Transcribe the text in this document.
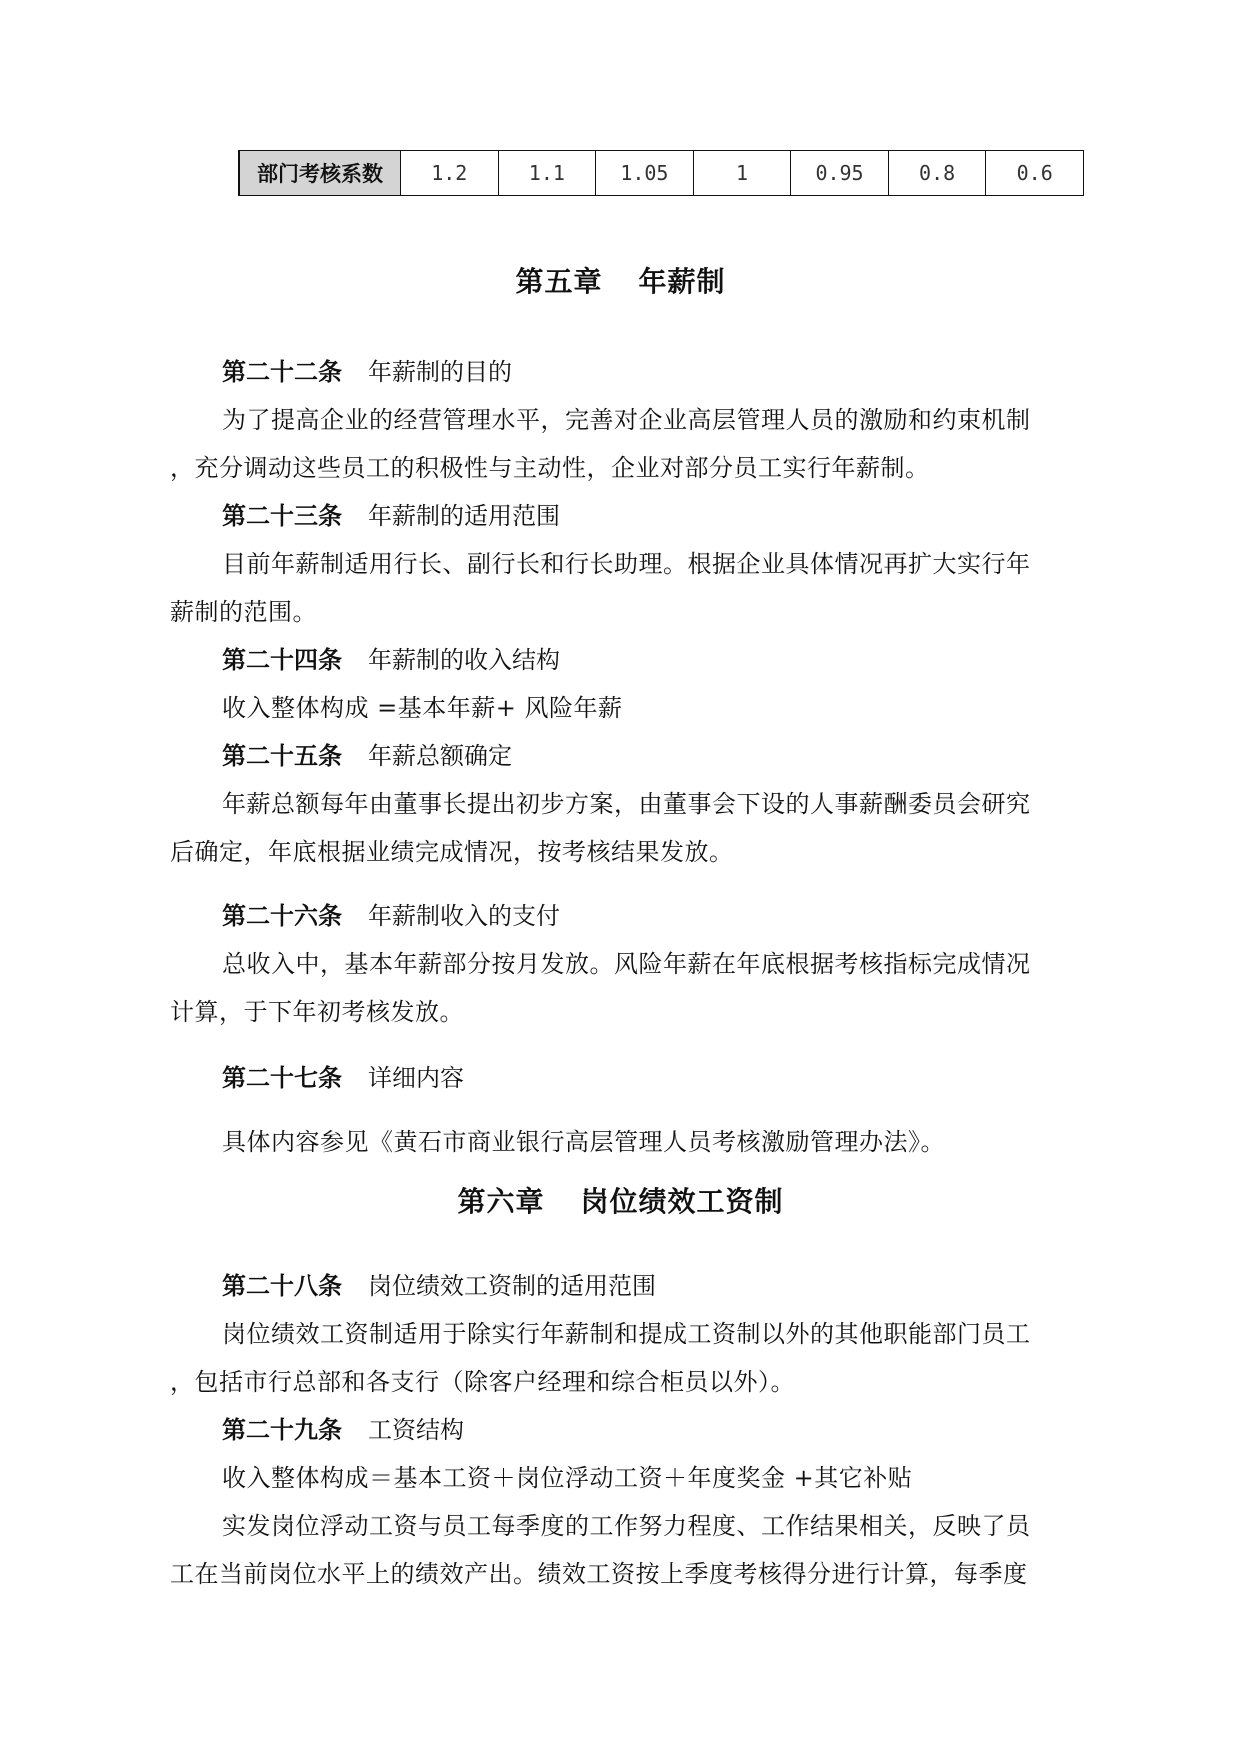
部门考核系数	1.2	1.1	1.05	1	0.95	0.8	0.6
第五章 年薪制
第二十二条 年薪制的目的
为了提高企业的经营管理水平，完善对企业高层管理人员的激励和约束机制
，充分调动这些员工的积极性与主动性，企业对部分员工实行年薪制。
第二十三条 年薪制的适用范围
目前年薪制适用行长、副行长和行长助理。根据企业具体情况再扩大实行年
薪制的范围。
第二十四条 年薪制的收入结构
收入整体构成 =基本年薪+ 风险年薪
第二十五条 年薪总额确定
年薪总额每年由董事长提出初步方案，由董事会下设的人事薪酬委员会研究
后确定，年底根据业绩完成情况，按考核结果发放。
第二十六条 年薪制收入的支付
总收入中，基本年薪部分按月发放。风险年薪在年底根据考核指标完成情况
计算，于下年初考核发放。
第二十七条 详细内容
具体内容参见《黄石市商业银行高层管理人员考核激励管理办法》。
第六章 岗位绩效工资制
第二十八条 岗位绩效工资制的适用范围
岗位绩效工资制适用于除实行年薪制和提成工资制以外的其他职能部门员工
，包括市行总部和各支行（除客户经理和综合柜员以外）。
第二十九条 工资结构
收入整体构成＝基本工资＋岗位浮动工资＋年度奖金 +其它补贴
实发岗位浮动工资与员工每季度的工作努力程度、工作结果相关，反映了员
工在当前岗位水平上的绩效产出。绩效工资按上季度考核得分进行计算，每季度
